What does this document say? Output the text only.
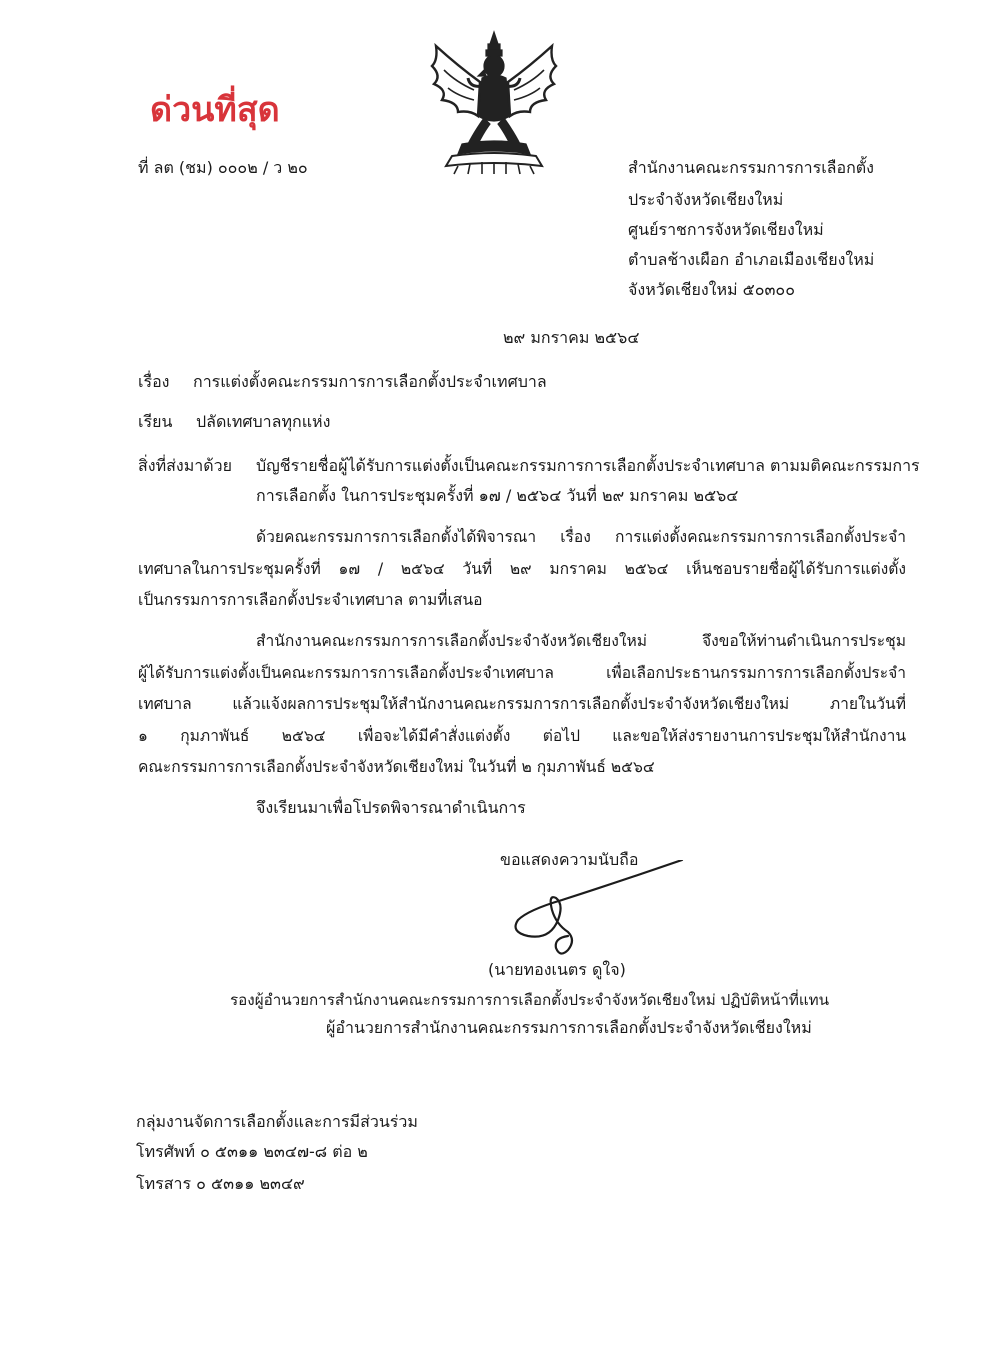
ด่วนที่สุด
ที่ ลต (ชม) ๐๐๐๒ / ว ๒๐	สำนักงานคณะกรรมการการเลือกตั้ง
ประจำจังหวัดเชียงใหม่
ศูนย์ราชการจังหวัดเชียงใหม่
ตำบลช้างเผือก อำเภอเมืองเชียงใหม่
จังหวัดเชียงใหม่ ๕๐๓๐๐
๒๙ มกราคม ๒๕๖๔
เรื่อง การแต่งตั้งคณะกรรมการการเลือกตั้งประจำเทศบาล
เรียน ปลัดเทศบาลทุกแห่ง
สิ่งที่ส่งมาด้วย บัญชีรายชื่อผู้ได้รับการแต่งตั้งเป็นคณะกรรมการการเลือกตั้งประจำเทศบาล ตามมติคณะกรรมการ
การเลือกตั้ง ในการประชุมครั้งที่ ๑๗ / ๒๕๖๔ วันที่ ๒๙ มกราคม ๒๕๖๔
ด้วยคณะกรรมการการเลือกตั้งได้พิจารณา เรื่อง การแต่งตั้งคณะกรรมการการเลือกตั้งประจำ
เทศบาลในการประชุมครั้งที่ ๑๗ / ๒๕๖๔ วันที่ ๒๙ มกราคม ๒๕๖๔ เห็นชอบรายชื่อผู้ได้รับการแต่งตั้ง
เป็นกรรมการการเลือกตั้งประจำเทศบาล ตามที่เสนอ
สำนักงานคณะกรรมการการเลือกตั้งประจำจังหวัดเชียงใหม่ จึงขอให้ท่านดำเนินการประชุม
ผู้ได้รับการแต่งตั้งเป็นคณะกรรมการการเลือกตั้งประจำเทศบาล เพื่อเลือกประธานกรรมการการเลือกตั้งประจำ
เทศบาล แล้วแจ้งผลการประชุมให้สำนักงานคณะกรรมการการเลือกตั้งประจำจังหวัดเชียงใหม่ ภายในวันที่
๑ กุมภาพันธ์ ๒๕๖๔ เพื่อจะได้มีคำสั่งแต่งตั้ง ต่อไป และขอให้ส่งรายงานการประชุมให้สำนักงาน
คณะกรรมการการเลือกตั้งประจำจังหวัดเชียงใหม่ ในวันที่ ๒ กุมภาพันธ์ ๒๕๖๔
จึงเรียนมาเพื่อโปรดพิจารณาดำเนินการ
ขอแสดงความนับถือ
(นายทองเนตร ดูใจ)
รองผู้อำนวยการสำนักงานคณะกรรมการการเลือกตั้งประจำจังหวัดเชียงใหม่ ปฏิบัติหน้าที่แทน
ผู้อำนวยการสำนักงานคณะกรรมการการเลือกตั้งประจำจังหวัดเชียงใหม่
กลุ่มงานจัดการเลือกตั้งและการมีส่วนร่วม
โทรศัพท์ ๐ ๕๓๑๑ ๒๓๔๗-๘ ต่อ ๒
โทรสาร ๐ ๕๓๑๑ ๒๓๔๙
